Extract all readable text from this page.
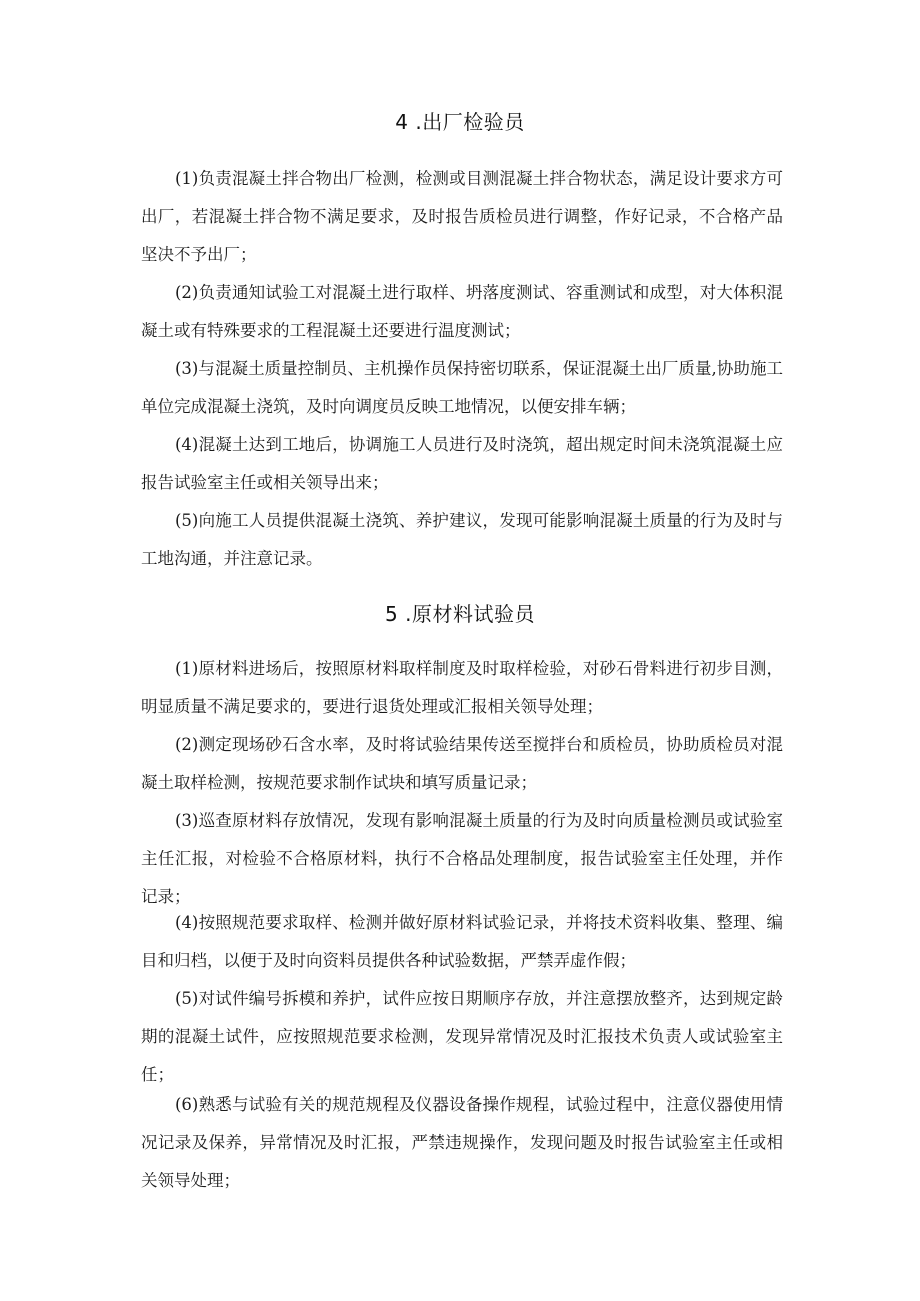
4 .出厂检验员

(1)负责混凝土拌合物出厂检测，检测或目测混凝土拌合物状态，满足设计要求方可出厂，若混凝土拌合物不满足要求，及时报告质检员进行调整，作好记录，不合格产品坚决不予出厂；

(2)负责通知试验工对混凝土进行取样、坍落度测试、容重测试和成型，对大体积混凝土或有特殊要求的工程混凝土还要进行温度测试；

(3)与混凝土质量控制员、主机操作员保持密切联系，保证混凝土出厂质量,协助施工单位完成混凝土浇筑，及时向调度员反映工地情况，以便安排车辆；

(4)混凝土达到工地后，协调施工人员进行及时浇筑，超出规定时间未浇筑混凝土应报告试验室主任或相关领导出来；

(5)向施工人员提供混凝土浇筑、养护建议，发现可能影响混凝土质量的行为及时与工地沟通，并注意记录。

5 .原材料试验员

(1)原材料进场后，按照原材料取样制度及时取样检验，对砂石骨料进行初步目测，明显质量不满足要求的，要进行退货处理或汇报相关领导处理；

(2)测定现场砂石含水率，及时将试验结果传送至搅拌台和质检员，协助质检员对混凝土取样检测，按规范要求制作试块和填写质量记录；

(3)巡查原材料存放情况，发现有影响混凝土质量的行为及时向质量检测员或试验室主任汇报，对检验不合格原材料，执行不合格品处理制度，报告试验室主任处理，并作记录；

(4)按照规范要求取样、检测并做好原材料试验记录，并将技术资料收集、整理、编目和归档，以便于及时向资料员提供各种试验数据，严禁弄虚作假；

(5)对试件编号拆模和养护，试件应按日期顺序存放，并注意摆放整齐，达到规定龄期的混凝土试件，应按照规范要求检测，发现异常情况及时汇报技术负责人或试验室主任；

(6)熟悉与试验有关的规范规程及仪器设备操作规程，试验过程中，注意仪器使用情况记录及保养，异常情况及时汇报，严禁违规操作，发现问题及时报告试验室主任或相关领导处理；
